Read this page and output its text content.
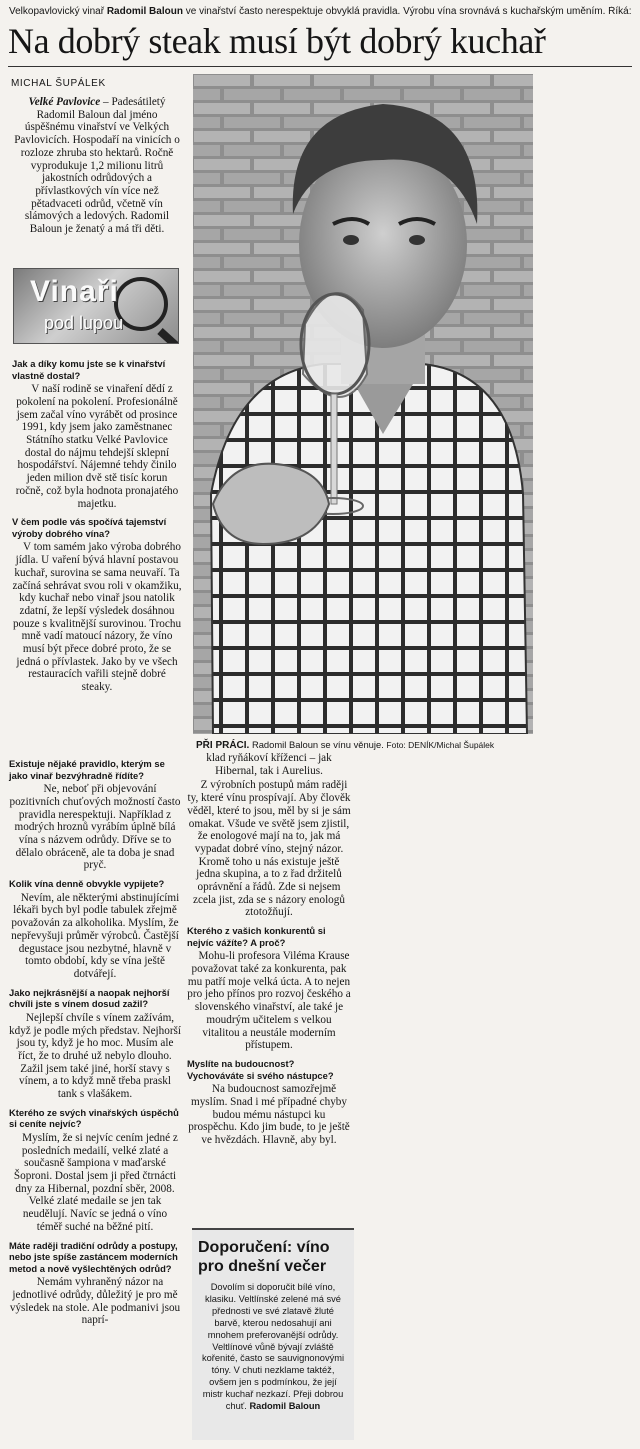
Velkopavlovický vinař Radomil Baloun ve vinařství často nerespektuje obvyklá pravidla. Výrobu vína srovnává s kuchařským uměním. Říká:
Na dobrý steak musí být dobrý kuchař
MICHAL ŠUPÁLEK

Velké Pavlovice – Padesátiletý Radomil Baloun dal jméno úspěšnému vinařství ve Velkých Pavlovicích. Hospodaří na vinicích o rozloze zhruba sto hektarů. Ročně vyprodukuje 1,2 milionu litrů jakostních odrůdových a přívlastkových vín více než pětadvaceti odrůd, včetně vín slámových a ledových. Radomil Baloun je ženatý a má tři děti.

Vinaři
pod lupou
Jak a díky komu jste se k vinařství vlastně dostal?

V naší rodině se vinaření dědí z pokolení na pokolení. Profesionálně jsem začal víno vyrábět od prosince 1991, kdy jsem jako zaměstnanec Státního statku Velké Pavlovice dostal do nájmu tehdejší sklepní hospodářství. Nájemné tehdy činilo jeden milion dvě stě tisíc korun ročně, což byla hodnota pronajatého majetku.

V čem podle vás spočívá tajemství výroby dobrého vína?

V tom samém jako výroba dobrého jídla. U vaření bývá hlavní postavou kuchař, surovina se sama neuvaří. Ta začíná sehrávat svou roli v okamžiku, kdy kuchař nebo vinař jsou natolik zdatní, že lepší výsledek dosáhnou pouze s kvalitnější surovinou. Trochu mně vadí matoucí názory, že víno musí být přece dobré proto, že se jedná o přívlastek. Jako by ve všech restauracích vařili stejně dobré steaky.

PŘI PRÁCI. Radomil Baloun se vínu věnuje. Foto: DENÍK/Michal Šupálek
Existuje nějaké pravidlo, kterým se jako vinař bezvýhradně řídíte?

Ne, neboť při objevování pozitivních chuťových možností často pravidla nerespektuji. Například z modrých hroznů vyrábím úplně bílá vína s názvem odrůdy. Dříve se to dělalo obráceně, ale ta doba je snad pryč.

Kolik vína denně obvykle vypijete?

Nevím, ale některými abstinujícími lékaři bych byl podle tabulek zřejmě považován za alkoholika. Myslím, že nepřevyšuji průměr výrobců. Častější degustace jsou nezbytné, hlavně v tomto období, kdy se vína ještě dotvářejí.

Jako nejkrásnější a naopak nejhorší chvíli jste s vínem dosud zažil?

Nejlepší chvíle s vínem zažívám, když je podle mých představ. Nejhorší jsou ty, když je ho moc. Musím ale říct, že to druhé už nebylo dlouho. Zažil jsem také jiné, horší stavy s vínem, a to když mně třeba praskl tank s vlašákem.

Kterého ze svých vinařských úspěchů si ceníte nejvíc?

Myslím, že si nejvíc cením jedné z posledních medailí, velké zlaté a současně šampiona v maďarské Šoproni. Dostal jsem ji před čtrnácti dny za Hibernal, pozdní sběr, 2008. Velké zlaté medaile se jen tak neudělují. Navíc se jedná o víno téměř suché na běžné pití.

Máte raději tradiční odrůdy a postupy, nebo jste spíše zastáncem moderních metod a nově vyšlechtěných odrůd?

Nemám vyhraněný názor na jednotlivé odrůdy, důležitý je pro mě výsledek na stole. Ale podmanivi jsou naprí-

klad ryňákoví kříženci – jak Hibernal, tak i Aurelius.

Z výrobních postupů mám raději ty, které vínu prospívají. Aby člověk věděl, které to jsou, měl by si je sám omakat. Všude ve světě jsem zjistil, že enologové mají na to, jak má vypadat dobré víno, stejný názor. Kromě toho u nás existuje ještě jedna skupina, a to z řad držitelů oprávnění a řádů. Zde si nejsem zcela jist, zda se s názory enologů ztotožňují.

Kterého z vašich konkurentů si nejvíc vážíte? A proč?

Mohu-li profesora Viléma Krause považovat také za konkurenta, pak mu patří moje velká úcta. A to nejen pro jeho přínos pro rozvoj českého a slovenského vinařství, ale také je moudrým učitelem s velkou vitalitou a neustále moderním přístupem.

Myslíte na budoucnost? Vychováváte si svého nástupce?

Na budoucnost samozřejmě myslím. Snad i mé případné chyby budou mému nástupci ku prospěchu. Kdo jim bude, to je ještě ve hvězdách. Hlavně, aby byl.

Doporučení: víno pro dnešní večer
Dovolím si doporučit bílé víno, klasiku. Veltlínské zelené má své přednosti ve své zlatavě žluté barvě, kterou nedosahují ani mnohem preferovanější odrůdy. Veltlínové vůně bývají zvláště kořenité, často se sauvignonovými tóny. V chuti nezklame taktéž, ovšem jen s podmínkou, že její mistr kuchař nezkazí. Přeji dobrou chuť. Radomil Baloun
